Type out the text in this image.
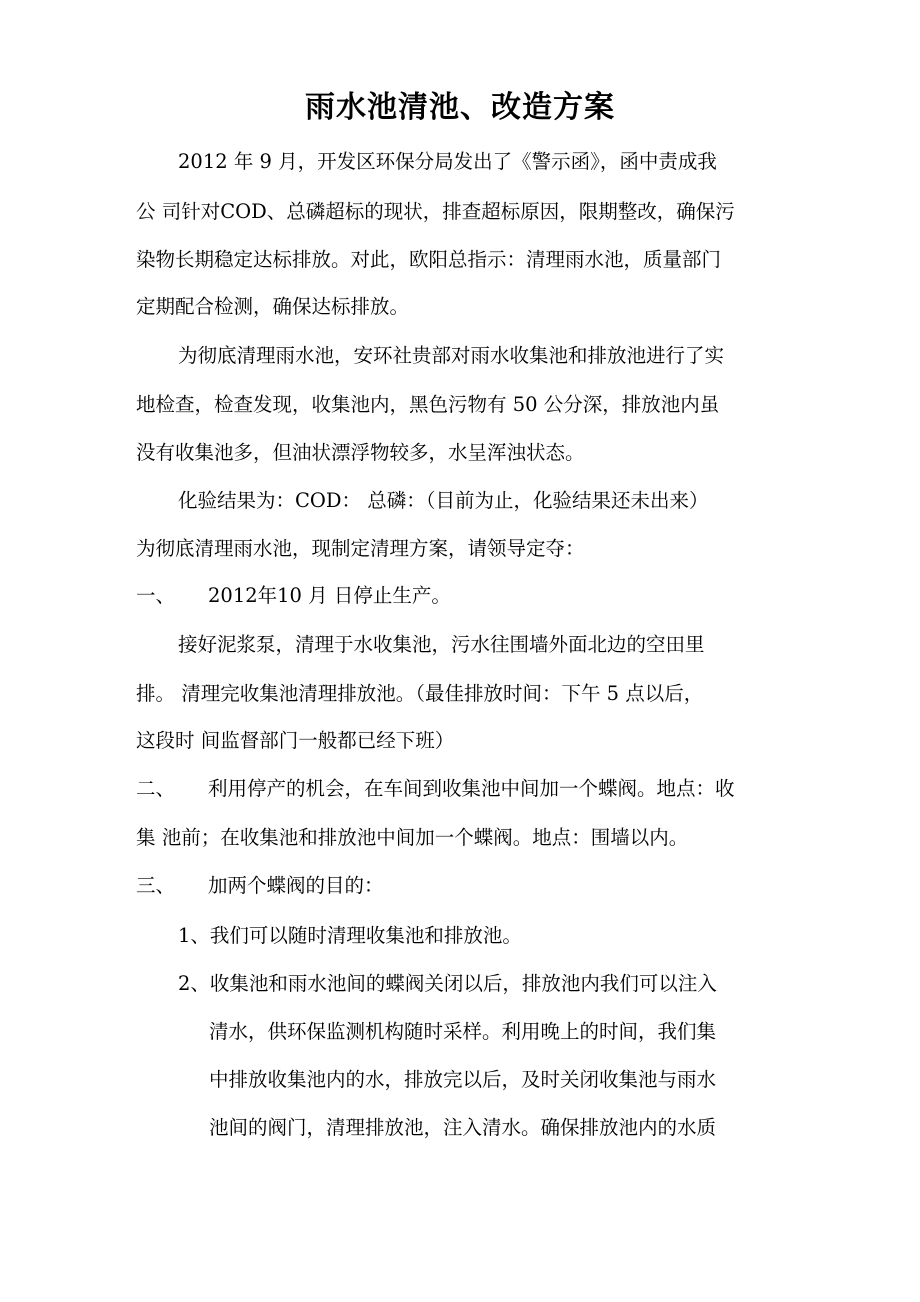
雨水池清池、改造方案
2012 年 9 月，开发区环保分局发出了《警示函》，函中责成我
公 司针对COD、总磷超标的现状，排查超标原因，限期整改，确保污
染物长期稳定达标排放。对此，欧阳总指示：清理雨水池，质量部门
定期配合检测，确保达标排放。
为彻底清理雨水池，安环社贵部对雨水收集池和排放池进行了实
地检查，检查发现，收集池内，黑色污物有 50 公分深，排放池内虽
没有收集池多，但油状漂浮物较多，水呈浑浊状态。
化验结果为：COD： 总磷：（目前为止，化验结果还未出来）
为彻底清理雨水池，现制定清理方案，请领导定夺：
一、 2012年10 月 日停止生产。
接好泥浆泵，清理于水收集池，污水往围墙外面北边的空田里
排。 清理完收集池清理排放池。（最佳排放时间：下午 5 点以后，
这段时 间监督部门一般都已经下班）
二、 利用停产的机会，在车间到收集池中间加一个蝶阀。地点：收
集 池前；在收集池和排放池中间加一个蝶阀。地点：围墙以内。
三、 加两个蝶阀的目的：
1、我们可以随时清理收集池和排放池。
2、收集池和雨水池间的蝶阀关闭以后，排放池内我们可以注入
清水，供环保监测机构随时采样。利用晚上的时间，我们集
中排放收集池内的水，排放完以后，及时关闭收集池与雨水
池间的阀门，清理排放池，注入清水。确保排放池内的水质
